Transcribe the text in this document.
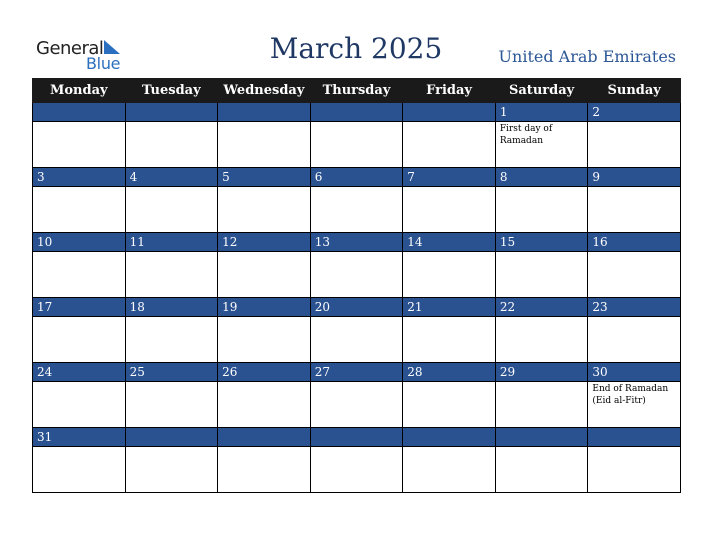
General
Blue	March 2025	United Arab Emirates
Monday	Tuesday	Wednesday	Thursday	Friday	Saturday	Sunday

					1	2

					First day of Ramadan	

3	4	5	6	7	8	9

10	11	12	13	14	15	16

17	18	19	20	21	22	23

24	25	26	27	28	29	30

						End of Ramadan (Eid al-Fitr)

31						
